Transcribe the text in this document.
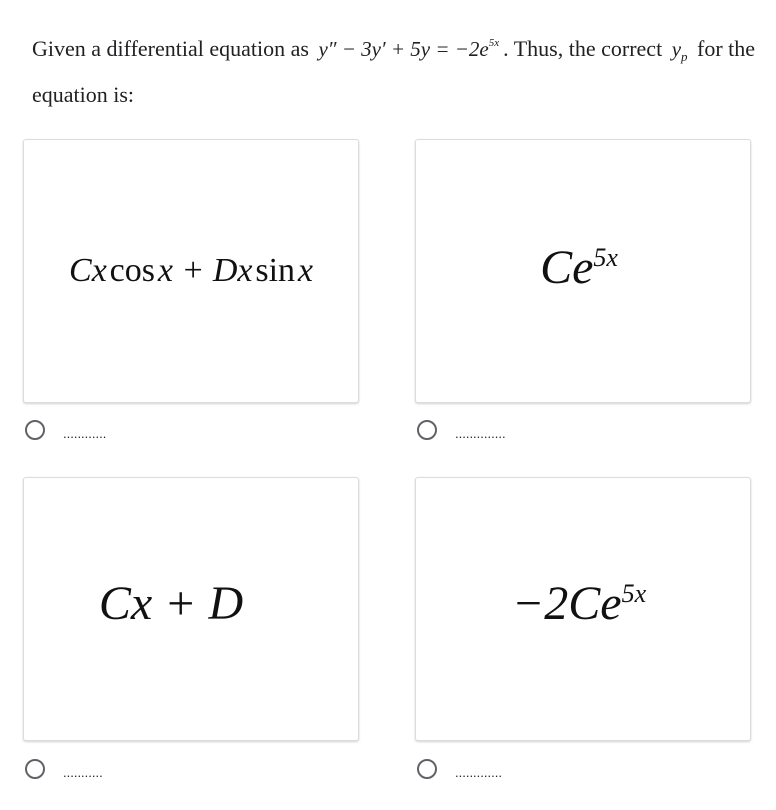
Given a differential equation as $y'' - 3y' + 5y = -2e^{5x}$ . Thus, the correct $y_p$ for the equation is:
Cx cos x + Dx sin x
............
$Ce^{5x}$
..............
Cx + D
...........
$-2Ce^{5x}$
.............
